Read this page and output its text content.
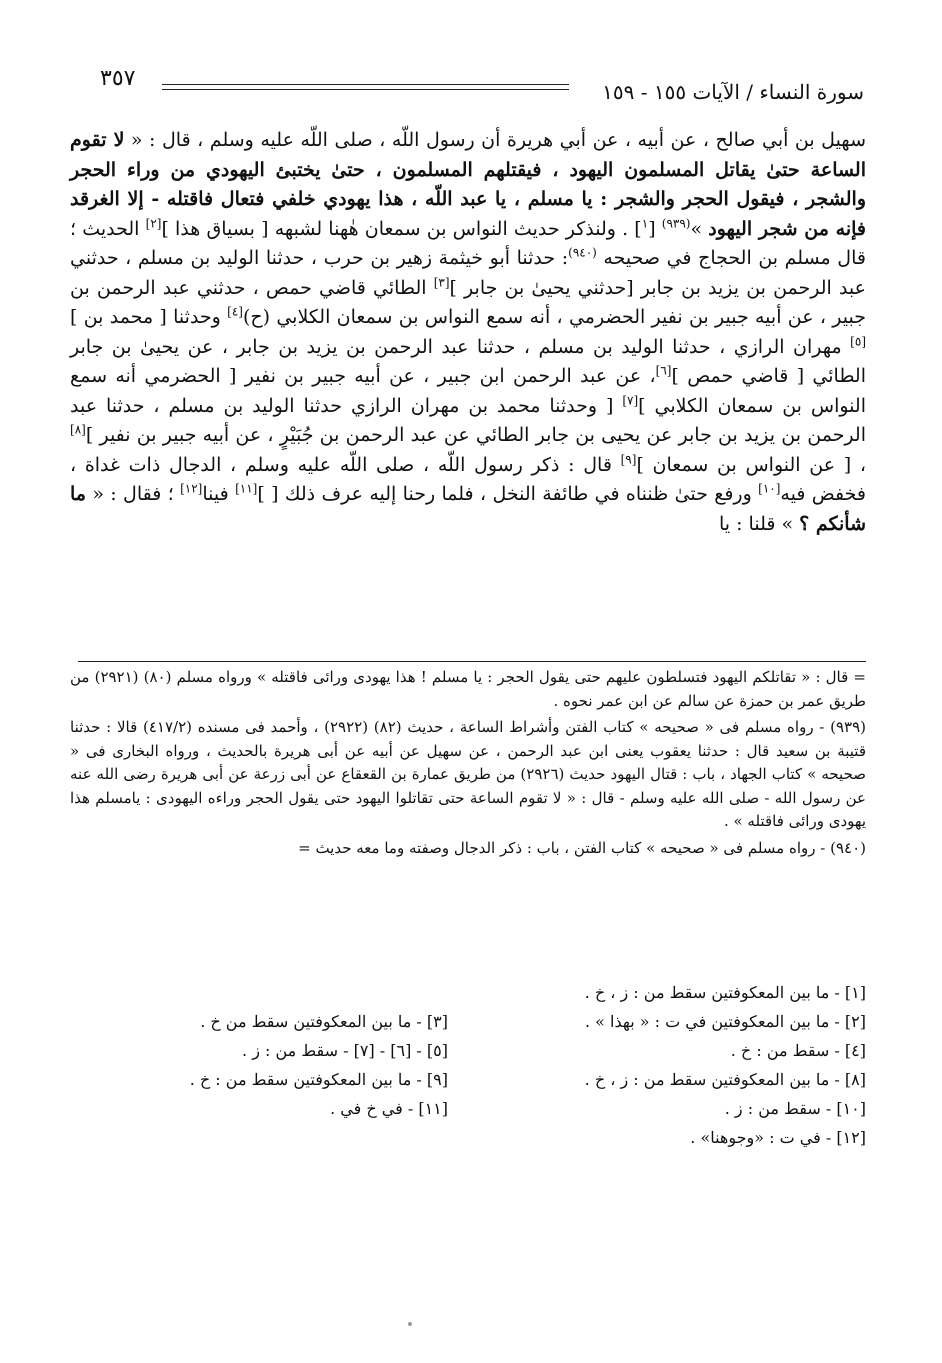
٣٥٧
سورة النساء / الآيات ١٥٥ - ١٥٩

سهيل بن أبي صالح ، عن أبيه ، عن أبي هريرة أن رسول اللّه ، صلى اللّه عليه وسلم ، قال : « لا تقوم الساعة حتىٰ يقاتل المسلمون اليهود ، فيقتلهم المسلمون ، حتىٰ يختبئ اليهودي من وراء الحجر والشجر ، فيقول الحجر والشجر : يا مسلم ، يا عبد اللّه ، هذا يهودي خلفي فتعال فاقتله - إلا الغرقد فإنه من شجر اليهود »$^{(٩٣٩)}$ [$^١$] . ولنذكر حديث النواس بن سمعان هٰهنا لشبهه [ بسياق هذا ][٢] الحديث ؛ قال مسلم بن الحجاج في صحيحه $^{(٩٤٠)}$: حدثنا أبو خيثمة زهير بن حرب ، حدثنا الوليد بن مسلم ، حدثني عبد الرحمن بن يزيد بن جابر [حدثني يحيىٰ بن جابر ][٣] الطائي قاضي حمص ، حدثني عبد الرحمن بن جبير ، عن أبيه جبير بن نفير الحضرمي ، أنه سمع النواس بن سمعان الكلابي (ح)[٤] وحدثنا [ محمد بن ][٥] مهران الرازي ، حدثنا الوليد بن مسلم ، حدثنا عبد الرحمن بن يزيد بن جابر ، عن يحيىٰ بن جابر الطائي [ قاضي حمص ][٦]، عن عبد الرحمن ابن جبير ، عن أبيه جبير بن نفير [ الحضرمي أنه سمع النواس بن سمعان الكلابي ][٧] [ وحدثنا محمد بن مهران الرازي حدثنا الوليد بن مسلم ، حدثنا عبد الرحمن بن يزيد بن جابر عن يحيى بن جابر الطائي عن عبد الرحمن بن جُبَيْرٍ ، عن أبيه جبير بن نفير ][٨] ، [ عن النواس بن سمعان ][٩] قال : ذكر رسول اللّه ، صلى اللّه عليه وسلم ، الدجال ذات غداة ، فخفض فيه[١٠] ورفع حتىٰ ظنناه في طائفة النخل ، فلما رحنا إليه عرف ذلك [ ][١١] فينا[١٢] ؛ فقال : « ما شأنكم ؟ » قلنا : يا

= قال : « تقاتلكم اليهود فتسلطون عليهم حتى يقول الحجر : يا مسلم ! هذا يهودى ورائى فاقتله » ورواه مسلم (٨٠) (٢٩٢١) من طريق عمر بن حمزة عن سالم عن ابن عمر نحوه .

(٩٣٩) - رواه مسلم فى « صحيحه » كتاب الفتن وأشراط الساعة ، حديث (٨٢) (٢٩٢٢) ، وأحمد فى مسنده (٤١٧/٢) قالا : حدثنا قتيبة بن سعيد قال : حدثنا يعقوب يعنى ابن عبد الرحمن ، عن سهيل عن أبيه عن أبى هريرة بالحديث ، ورواه البخارى فى « صحيحه » كتاب الجهاد ، باب : قتال اليهود حديث (٢٩٢٦) من طريق عمارة بن القعقاع عن أبى زرعة عن أبى هريرة رضى الله عنه عن رسول الله - صلى الله عليه وسلم - قال : « لا تقوم الساعة حتى تقاتلوا اليهود حتى يقول الحجر وراءه اليهودى : يامسلم هذا يهودى ورائى فاقتله » .

(٩٤٠) - رواه مسلم فى « صحيحه » كتاب الفتن ، باب : ذكر الدجال وصفته وما معه حديث =

[١] - ما بين المعكوفتين سقط من : ز ، خ .
[٢] - ما بين المعكوفتين في ت : « بهذا » .
[٣] - ما بين المعكوفتين سقط من خ .
[٤] - سقط من : خ .
[٥] - [٦] - [٧] - سقط من : ز .
[٨] - ما بين المعكوفتين سقط من : ز ، خ .
[٩] - ما بين المعكوفتين سقط من : خ .
[١٠] - سقط من : ز .
[١١] - في خ في .
[١٢] - في ت : «وجوهنا» .
